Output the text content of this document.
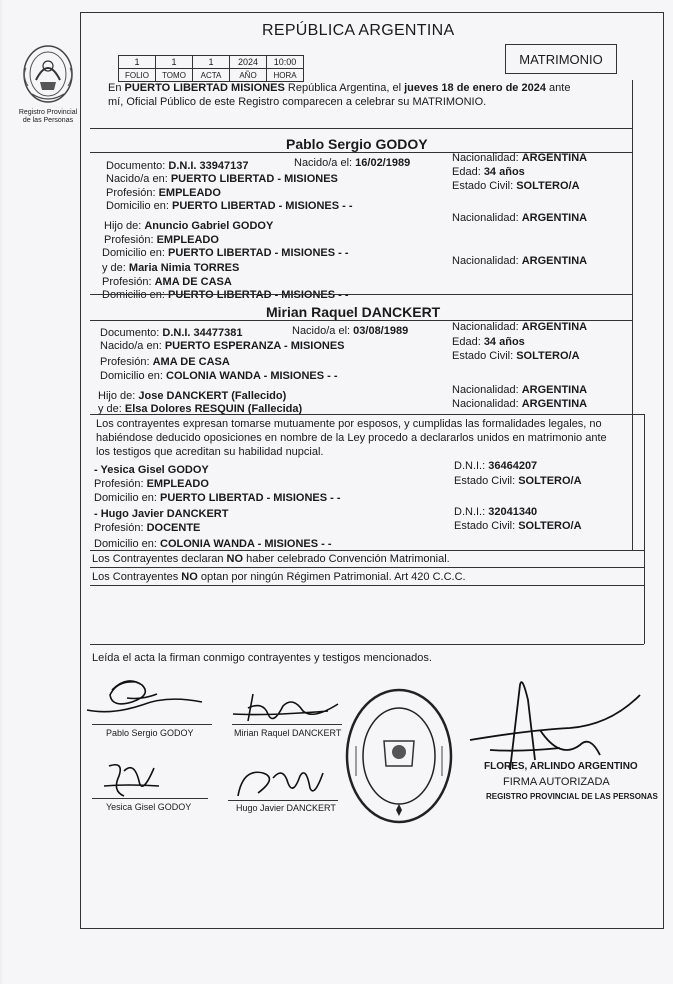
Registro Provincial
de las Personas
REPÚBLICA ARGENTINA
MATRIMONIO
1	1	1	2024	10:00
FOLIO	TOMO	ACTA	AÑO	HORA
En PUERTO LIBERTAD MISIONES República Argentina, el jueves 18 de enero de 2024 ante
mí, Oficial Público de este Registro comparecen a celebrar su MATRIMONIO.
Pablo Sergio GODOY
Documento: D.N.I. 33947137	Nacido/a el: 16/02/1989	Nacionalidad: ARGENTINA
Nacido/a en: PUERTO LIBERTAD - MISIONES
Edad: 34 años
Profesión: EMPLEADO
Estado Civil: SOLTERO/A
Domicilio en: PUERTO LIBERTAD - MISIONES - -
Hijo de: Anuncio Gabriel GODOY
Nacionalidad: ARGENTINA
Profesión: EMPLEADO
Domicilio en: PUERTO LIBERTAD - MISIONES - -
y de: Maria Nimia TORRES
Nacionalidad: ARGENTINA
Profesión: AMA DE CASA
Domicilio en: PUERTO LIBERTAD - MISIONES - -
Mirian Raquel DANCKERT
Documento: D.N.I. 34477381	Nacido/a el: 03/08/1989	Nacionalidad: ARGENTINA
Nacido/a en: PUERTO ESPERANZA - MISIONES	Edad: 34 años
Profesión: AMA DE CASA	Estado Civil: SOLTERO/A
Domicilio en: COLONIA WANDA - MISIONES - -
Hijo de: Jose DANCKERT (Fallecido)	Nacionalidad: ARGENTINA
y de: Elsa Dolores RESQUIN (Fallecida)	Nacionalidad: ARGENTINA
Los contrayentes expresan tomarse mutuamente por esposos, y cumplidas las formalidades legales, no
habiéndose deducido oposiciones en nombre de la Ley procedo a declararlos unidos en matrimonio ante
los testigos que acreditan su habilidad nupcial.
- Yesica Gisel GODOY	D.N.I.: 36464207
Profesión: EMPLEADO	Estado Civil: SOLTERO/A
Domicilio en: PUERTO LIBERTAD - MISIONES - -
- Hugo Javier DANCKERT	D.N.I.: 32041340
Profesión: DOCENTE	Estado Civil: SOLTERO/A
Domicilio en: COLONIA WANDA - MISIONES - -
Los Contrayentes declaran NO haber celebrado Convención Matrimonial.
Los Contrayentes NO optan por ningún Régimen Patrimonial. Art 420 C.C.C.
Leída el acta la firman conmigo contrayentes y testigos mencionados.
Pablo Sergio GODOY	Mirian Raquel DANCKERT
Yesica Gisel GODOY	Hugo Javier DANCKERT
FLORES, ARLINDO ARGENTINO
FIRMA AUTORIZADA
REGISTRO PROVINCIAL DE LAS PERSONAS
